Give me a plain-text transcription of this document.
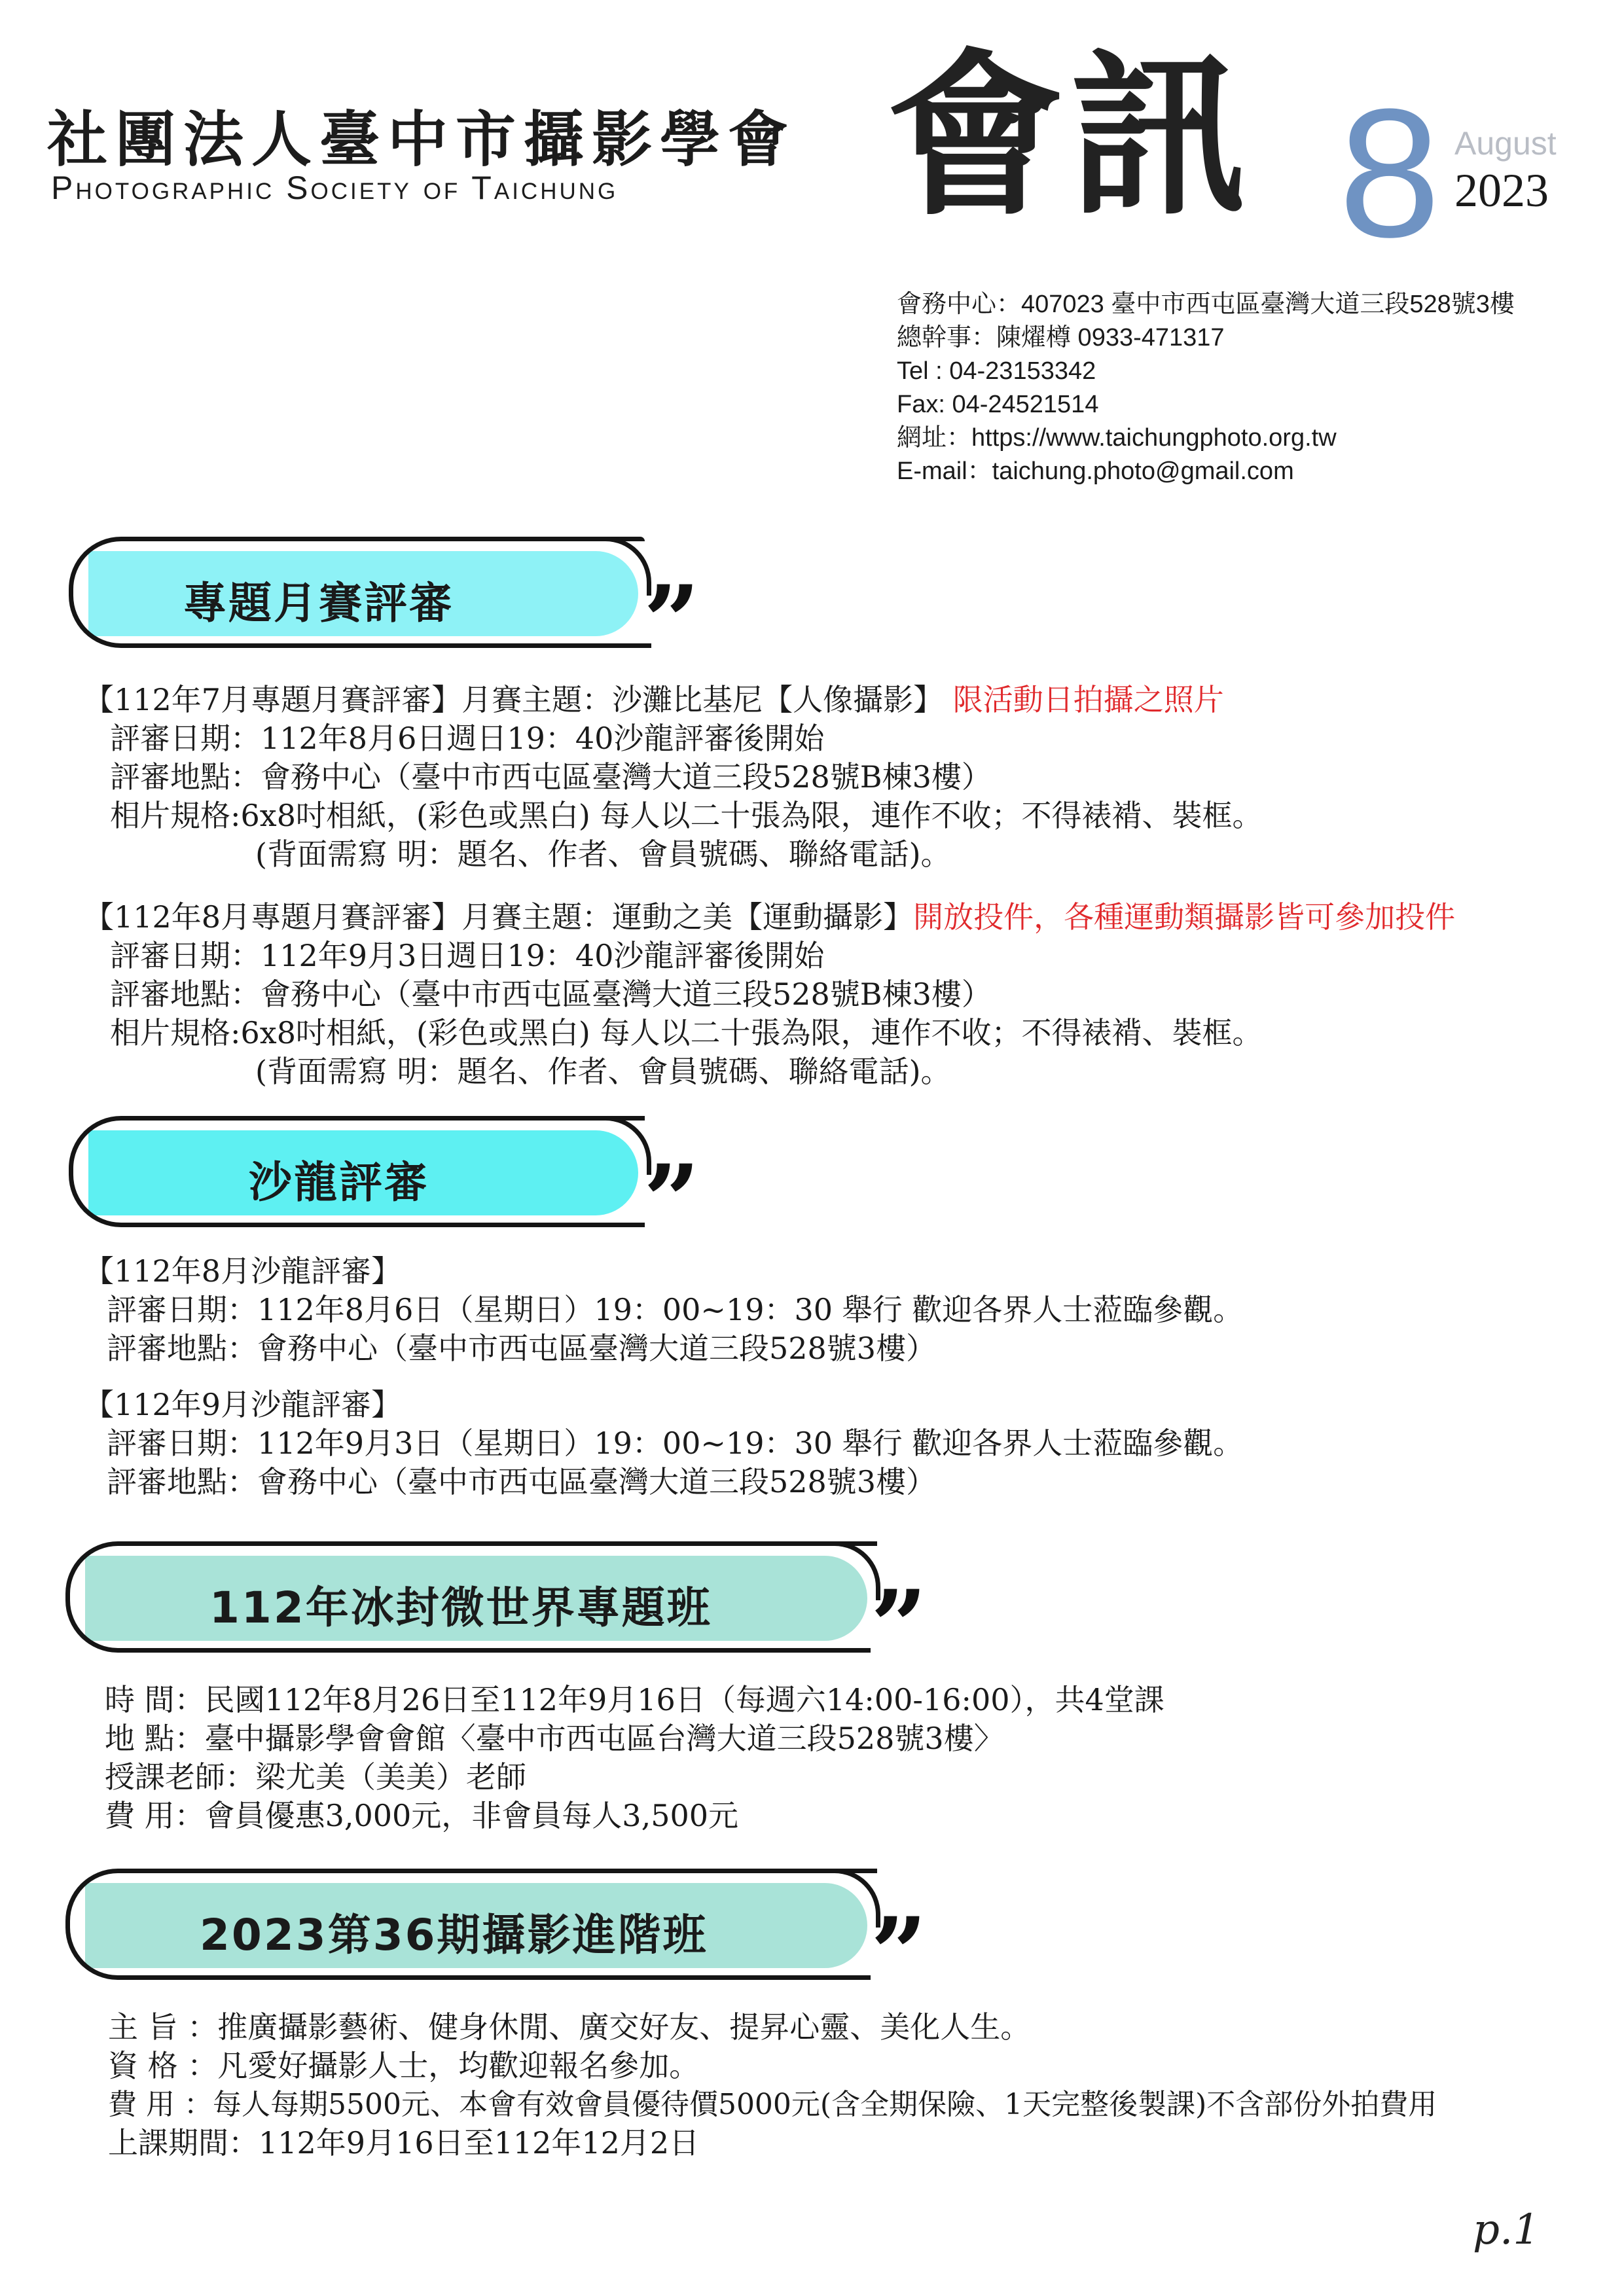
社團法人臺中市攝影學會
Photographic Society of Taichung 會訊 8 August
2023
會務中心：407023 臺中市西屯區臺灣大道三段528號3樓
總幹事：陳燿樽 0933-471317
Tel : 04-23153342
Fax: 04-24521514
網址：https://www.taichungphoto.org.tw
E-mail：taichung.photo@gmail.com
專題月賽評審 ”
【112年7月專題月賽評審】月賽主題：沙灘比基尼【人像攝影】 限活動日拍攝之照片
評審日期：112年8月6日週日19：40沙龍評審後開始
評審地點：會務中心（臺中市西屯區臺灣大道三段528號B棟3樓）
相片規格:6x8吋相紙，(彩色或黑白) 每人以二十張為限，連作不收；不得裱褙、裝框。
(背面需寫 明：題名、作者、會員號碼、聯絡電話)。
【112年8月專題月賽評審】月賽主題：運動之美【運動攝影】開放投件，各種運動類攝影皆可參加投件
評審日期：112年9月3日週日19：40沙龍評審後開始
評審地點：會務中心（臺中市西屯區臺灣大道三段528號B棟3樓）
相片規格:6x8吋相紙，(彩色或黑白) 每人以二十張為限，連作不收；不得裱褙、裝框。
(背面需寫 明：題名、作者、會員號碼、聯絡電話)。
沙龍評審 ”
【112年8月沙龍評審】
評審日期：112年8月6日（星期日）19：00~19：30 舉行 歡迎各界人士蒞臨參觀。
評審地點：會務中心（臺中市西屯區臺灣大道三段528號3樓）
【112年9月沙龍評審】
評審日期：112年9月3日（星期日）19：00~19：30 舉行 歡迎各界人士蒞臨參觀。
評審地點：會務中心（臺中市西屯區臺灣大道三段528號3樓）
112年冰封微世界專題班 ”
時 間：民國112年8月26日至112年9月16日（每週六14:00-16:00），共4堂課
地 點：臺中攝影學會會館〈臺中市西屯區台灣大道三段528號3樓〉
授課老師：梁尤美（美美）老師
費 用：會員優惠3,000元，非會員每人3,500元
2023第36期攝影進階班 ”
主 旨 ：推廣攝影藝術、健身休閒、廣交好友、提昇心靈、美化人生。
資 格 ：凡愛好攝影人士，均歡迎報名參加。
費 用 ：每人每期5500元、本會有效會員優待價5000元(含全期保險、1天完整後製課)不含部份外拍費用
上課期間：112年9月16日至112年12月2日
p.1
